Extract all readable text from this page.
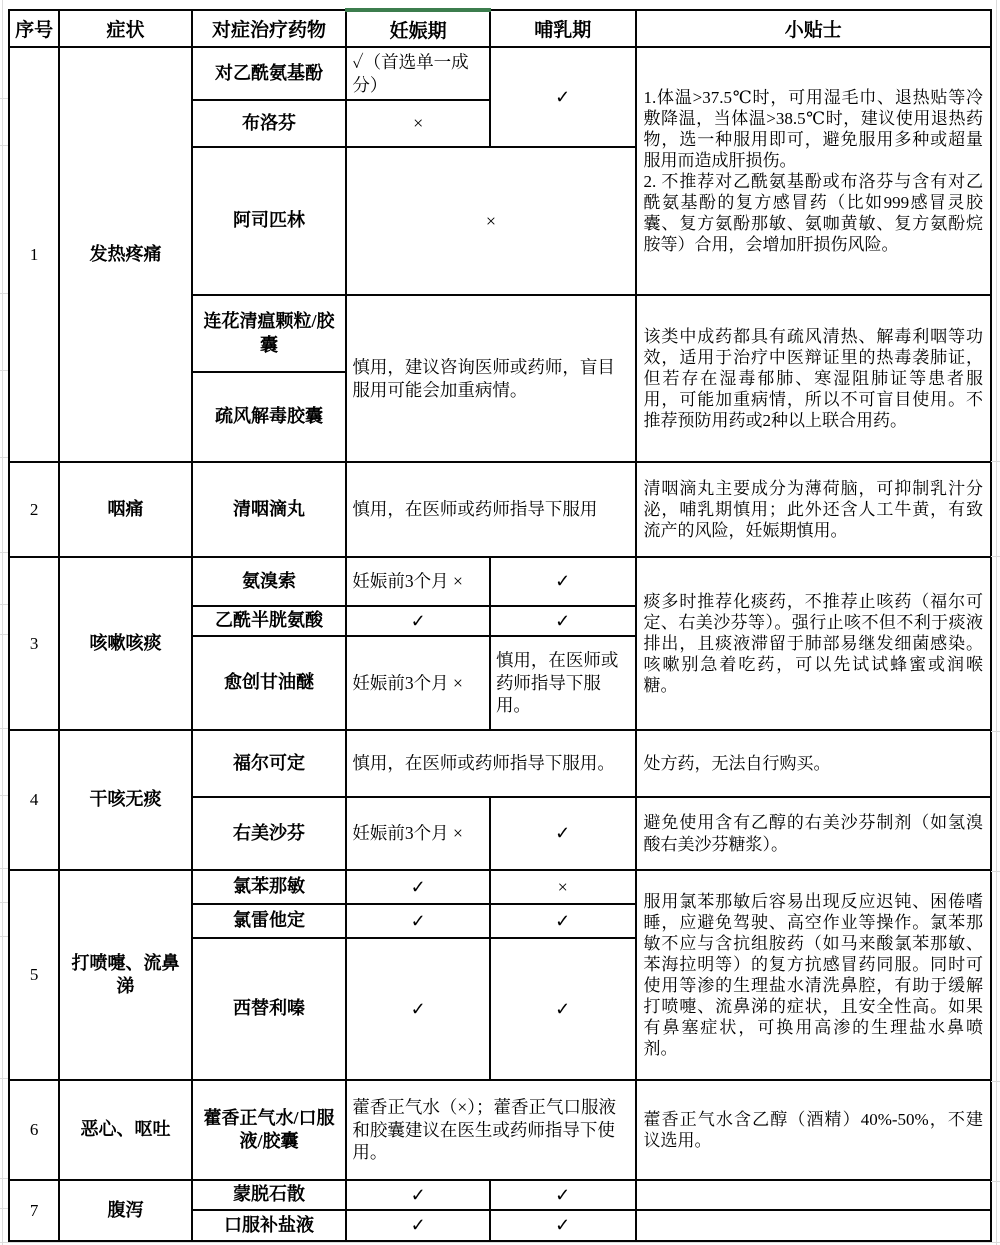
序号	症状	对症治疗药物	妊娠期	哺乳期	小贴士
1	发热疼痛	对乙酰氨基酚	✓（首选单一成分）	✓	1.体温>37.5℃时，可用湿毛巾、退热贴等冷敷降温，当体温>38.5℃时，建议使用退热药物，选一种服用即可，避免服用多种或超量服用而造成肝损伤。
2. 不推荐对乙酰氨基酚或布洛芬与含有对乙酰氨基酚的复方感冒药（比如999感冒灵胶囊、复方氨酚那敏、氨咖黄敏、复方氨酚烷胺等）合用，会增加肝损伤风险。

		布洛芬	×		
		阿司匹林	×		
		连花清瘟颗粒/胶囊	慎用，建议咨询医师或药师，盲目服用可能会加重病情。		该类中成药都具有疏风清热、解毒利咽等功效，适用于治疗中医辩证里的热毒袭肺证，但若存在湿毒郁肺、寒湿阻肺证等患者服用，可能加重病情，所以不可盲目使用。不推荐预防用药或2种以上联合用药。
		疏风解毒胶囊			
2	咽痛	清咽滴丸	慎用，在医师或药师指导下服用		清咽滴丸主要成分为薄荷脑，可抑制乳汁分泌，哺乳期慎用；此外还含人工牛黄，有致流产的风险，妊娠期慎用。
3	咳嗽咳痰	氨溴索	妊娠前3个月 ×	✓	痰多时推荐化痰药，不推荐止咳药（福尔可定、右美沙芬等）。强行止咳不但不利于痰液排出，且痰液滞留于肺部易继发细菌感染。咳嗽别急着吃药，可以先试试蜂蜜或润喉糖。
		乙酰半胱氨酸	✓	✓	
		愈创甘油醚	妊娠前3个月 ×	慎用，在医师或药师指导下服用。	
4	干咳无痰	福尔可定	慎用，在医师或药师指导下服用。		处方药，无法自行购买。
		右美沙芬	妊娠前3个月 ×	✓	避免使用含有乙醇的右美沙芬制剂（如氢溴酸右美沙芬糖浆）。
5	打喷嚏、流鼻涕	氯苯那敏	✓	×	服用氯苯那敏后容易出现反应迟钝、困倦嗜睡，应避免驾驶、高空作业等操作。氯苯那敏不应与含抗组胺药（如马来酸氯苯那敏、苯海拉明等）的复方抗感冒药同服。同时可使用等渗的生理盐水清洗鼻腔，有助于缓解打喷嚏、流鼻涕的症状，且安全性高。如果有鼻塞症状，可换用高渗的生理盐水鼻喷剂。
		氯雷他定	✓	✓	
		西替利嗪	✓	✓	
6	恶心、呕吐	藿香正气水/口服液/胶囊	藿香正气水（×）；藿香正气口服液和胶囊建议在医生或药师指导下使用。		藿香正气水含乙醇（酒精）40%-50%，不建议选用。
7	腹泻	蒙脱石散	✓	✓	
		口服补盐液	✓	✓	
